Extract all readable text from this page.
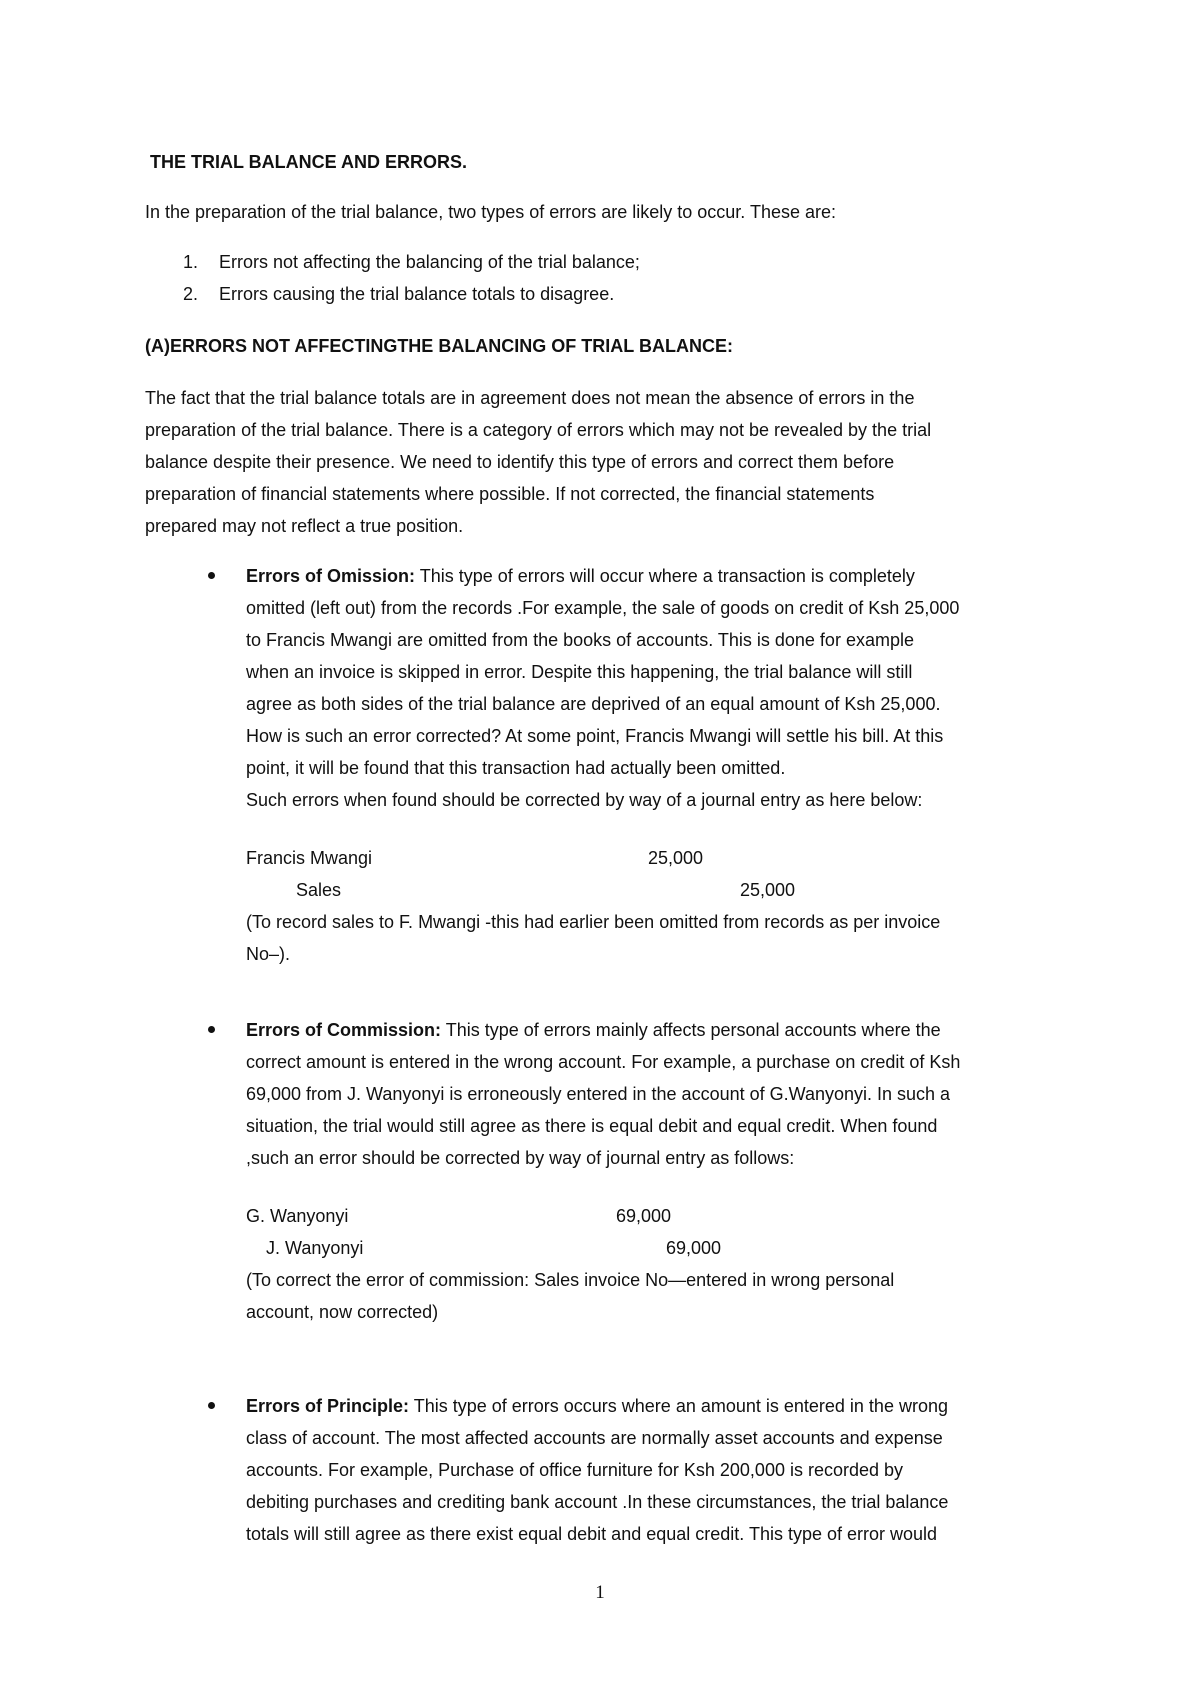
THE TRIAL BALANCE AND ERRORS.
In the preparation of the trial balance, two types of errors are likely to occur. These are:
1. Errors not affecting the balancing of the trial balance;
2. Errors causing the trial balance totals to disagree.
(A)ERRORS NOT AFFECTINGTHE BALANCING OF TRIAL BALANCE:
The fact that the trial balance totals are in agreement does not mean the absence of errors in the
preparation of the trial balance. There is a category of errors which may not be revealed by the trial
balance despite their presence. We need to identify this type of errors and correct them before
preparation of financial statements where possible. If not corrected, the financial statements
prepared may not reflect a true position.
Errors of Omission: This type of errors will occur where a transaction is completely
omitted (left out) from the records .For example, the sale of goods on credit of Ksh 25,000
to Francis Mwangi are omitted from the books of accounts. This is done for example
when an invoice is skipped in error. Despite this happening, the trial balance will still
agree as both sides of the trial balance are deprived of an equal amount of Ksh 25,000.
How is such an error corrected? At some point, Francis Mwangi will settle his bill. At this
point, it will be found that this transaction had actually been omitted.
Such errors when found should be corrected by way of a journal entry as here below:
Francis Mwangi	25,000
Sales	25,000
(To record sales to F. Mwangi -this had earlier been omitted from records as per invoice
No–).
Errors of Commission: This type of errors mainly affects personal accounts where the
correct amount is entered in the wrong account. For example, a purchase on credit of Ksh
69,000 from J. Wanyonyi is erroneously entered in the account of G.Wanyonyi. In such a
situation, the trial would still agree as there is equal debit and equal credit. When found
,such an error should be corrected by way of journal entry as follows:
G. Wanyonyi	69,000
J. Wanyonyi	69,000
(To correct the error of commission: Sales invoice No—entered in wrong personal
account, now corrected)
Errors of Principle: This type of errors occurs where an amount is entered in the wrong
class of account. The most affected accounts are normally asset accounts and expense
accounts. For example, Purchase of office furniture for Ksh 200,000 is recorded by
debiting purchases and crediting bank account .In these circumstances, the trial balance
totals will still agree as there exist equal debit and equal credit. This type of error would
1
